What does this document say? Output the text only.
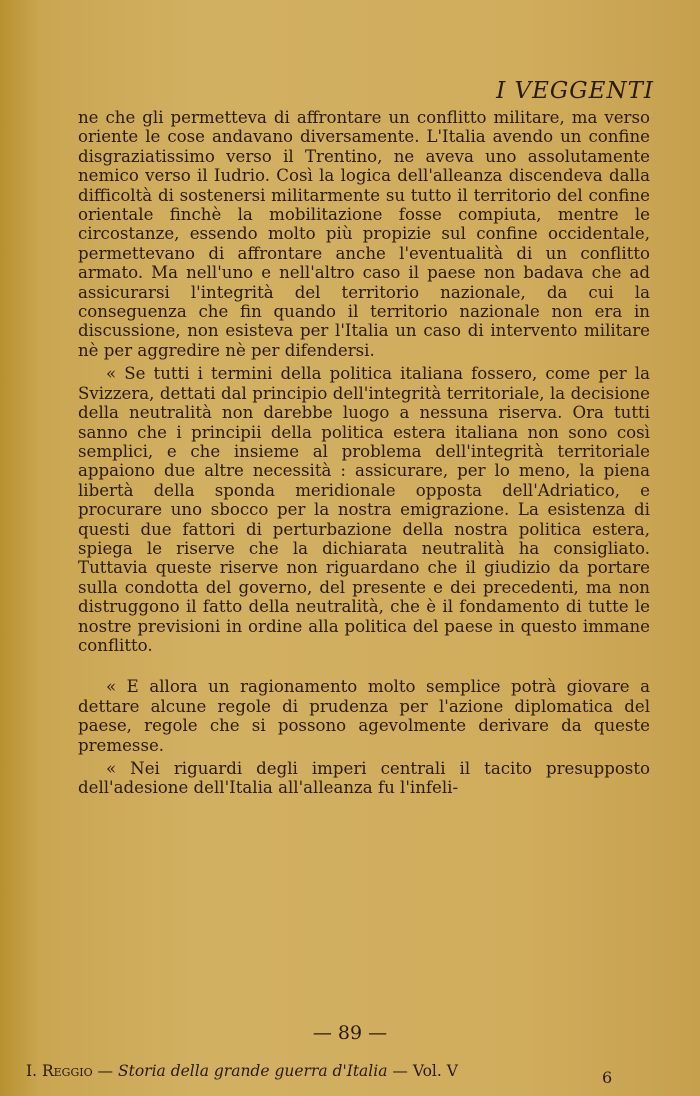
I VEGGENTI

ne che gli permetteva di affrontare un conflitto militare, ma verso oriente le cose andavano diversamente. L'Italia avendo un confine disgraziatissimo verso il Trentino, ne aveva uno assolutamente nemico verso il Iudrio. Così la logica dell'alleanza discendeva dalla difficoltà di sostenersi militarmente su tutto il territorio del confine orientale finchè la mobilitazione fosse compiuta, mentre le circostanze, essendo molto più propizie sul confine occidentale, permettevano di affrontare anche l'eventualità di un conflitto armato. Ma nell'uno e nell'altro caso il paese non badava che ad assicurarsi l'integrità del territorio nazionale, da cui la conseguenza che fin quando il territorio nazionale non era in discussione, non esisteva per l'Italia un caso di intervento militare nè per aggredire nè per difendersi.

« Se tutti i termini della politica italiana fossero, come per la Svizzera, dettati dal principio dell'integrità territoriale, la decisione della neutralità non darebbe luogo a nessuna riserva. Ora tutti sanno che i principii della politica estera italiana non sono così semplici, e che insieme al problema dell'integrità territoriale appaiono due altre necessità : assicurare, per lo meno, la piena libertà della sponda meridionale opposta dell'Adriatico, e procurare uno sbocco per la nostra emigrazione. La esistenza di questi due fattori di perturbazione della nostra politica estera, spiega le riserve che la dichiarata neutralità ha consigliato. Tuttavia queste riserve non riguardano che il giudizio da portare sulla condotta del governo, del presente e dei precedenti, ma non distruggono il fatto della neutralità, che è il fondamento di tutte le nostre previsioni in ordine alla politica del paese in questo immane conflitto.

« E allora un ragionamento molto semplice potrà giovare a dettare alcune regole di prudenza per l'azione diplomatica del paese, regole che si possono agevolmente derivare da queste premesse.

« Nei riguardi degli imperi centrali il tacito presupposto dell'adesione dell'Italia all'alleanza fu l'infeli-

— 89 —
I. Reggio — Storia della grande guerra d'Italia — Vol. V	6
